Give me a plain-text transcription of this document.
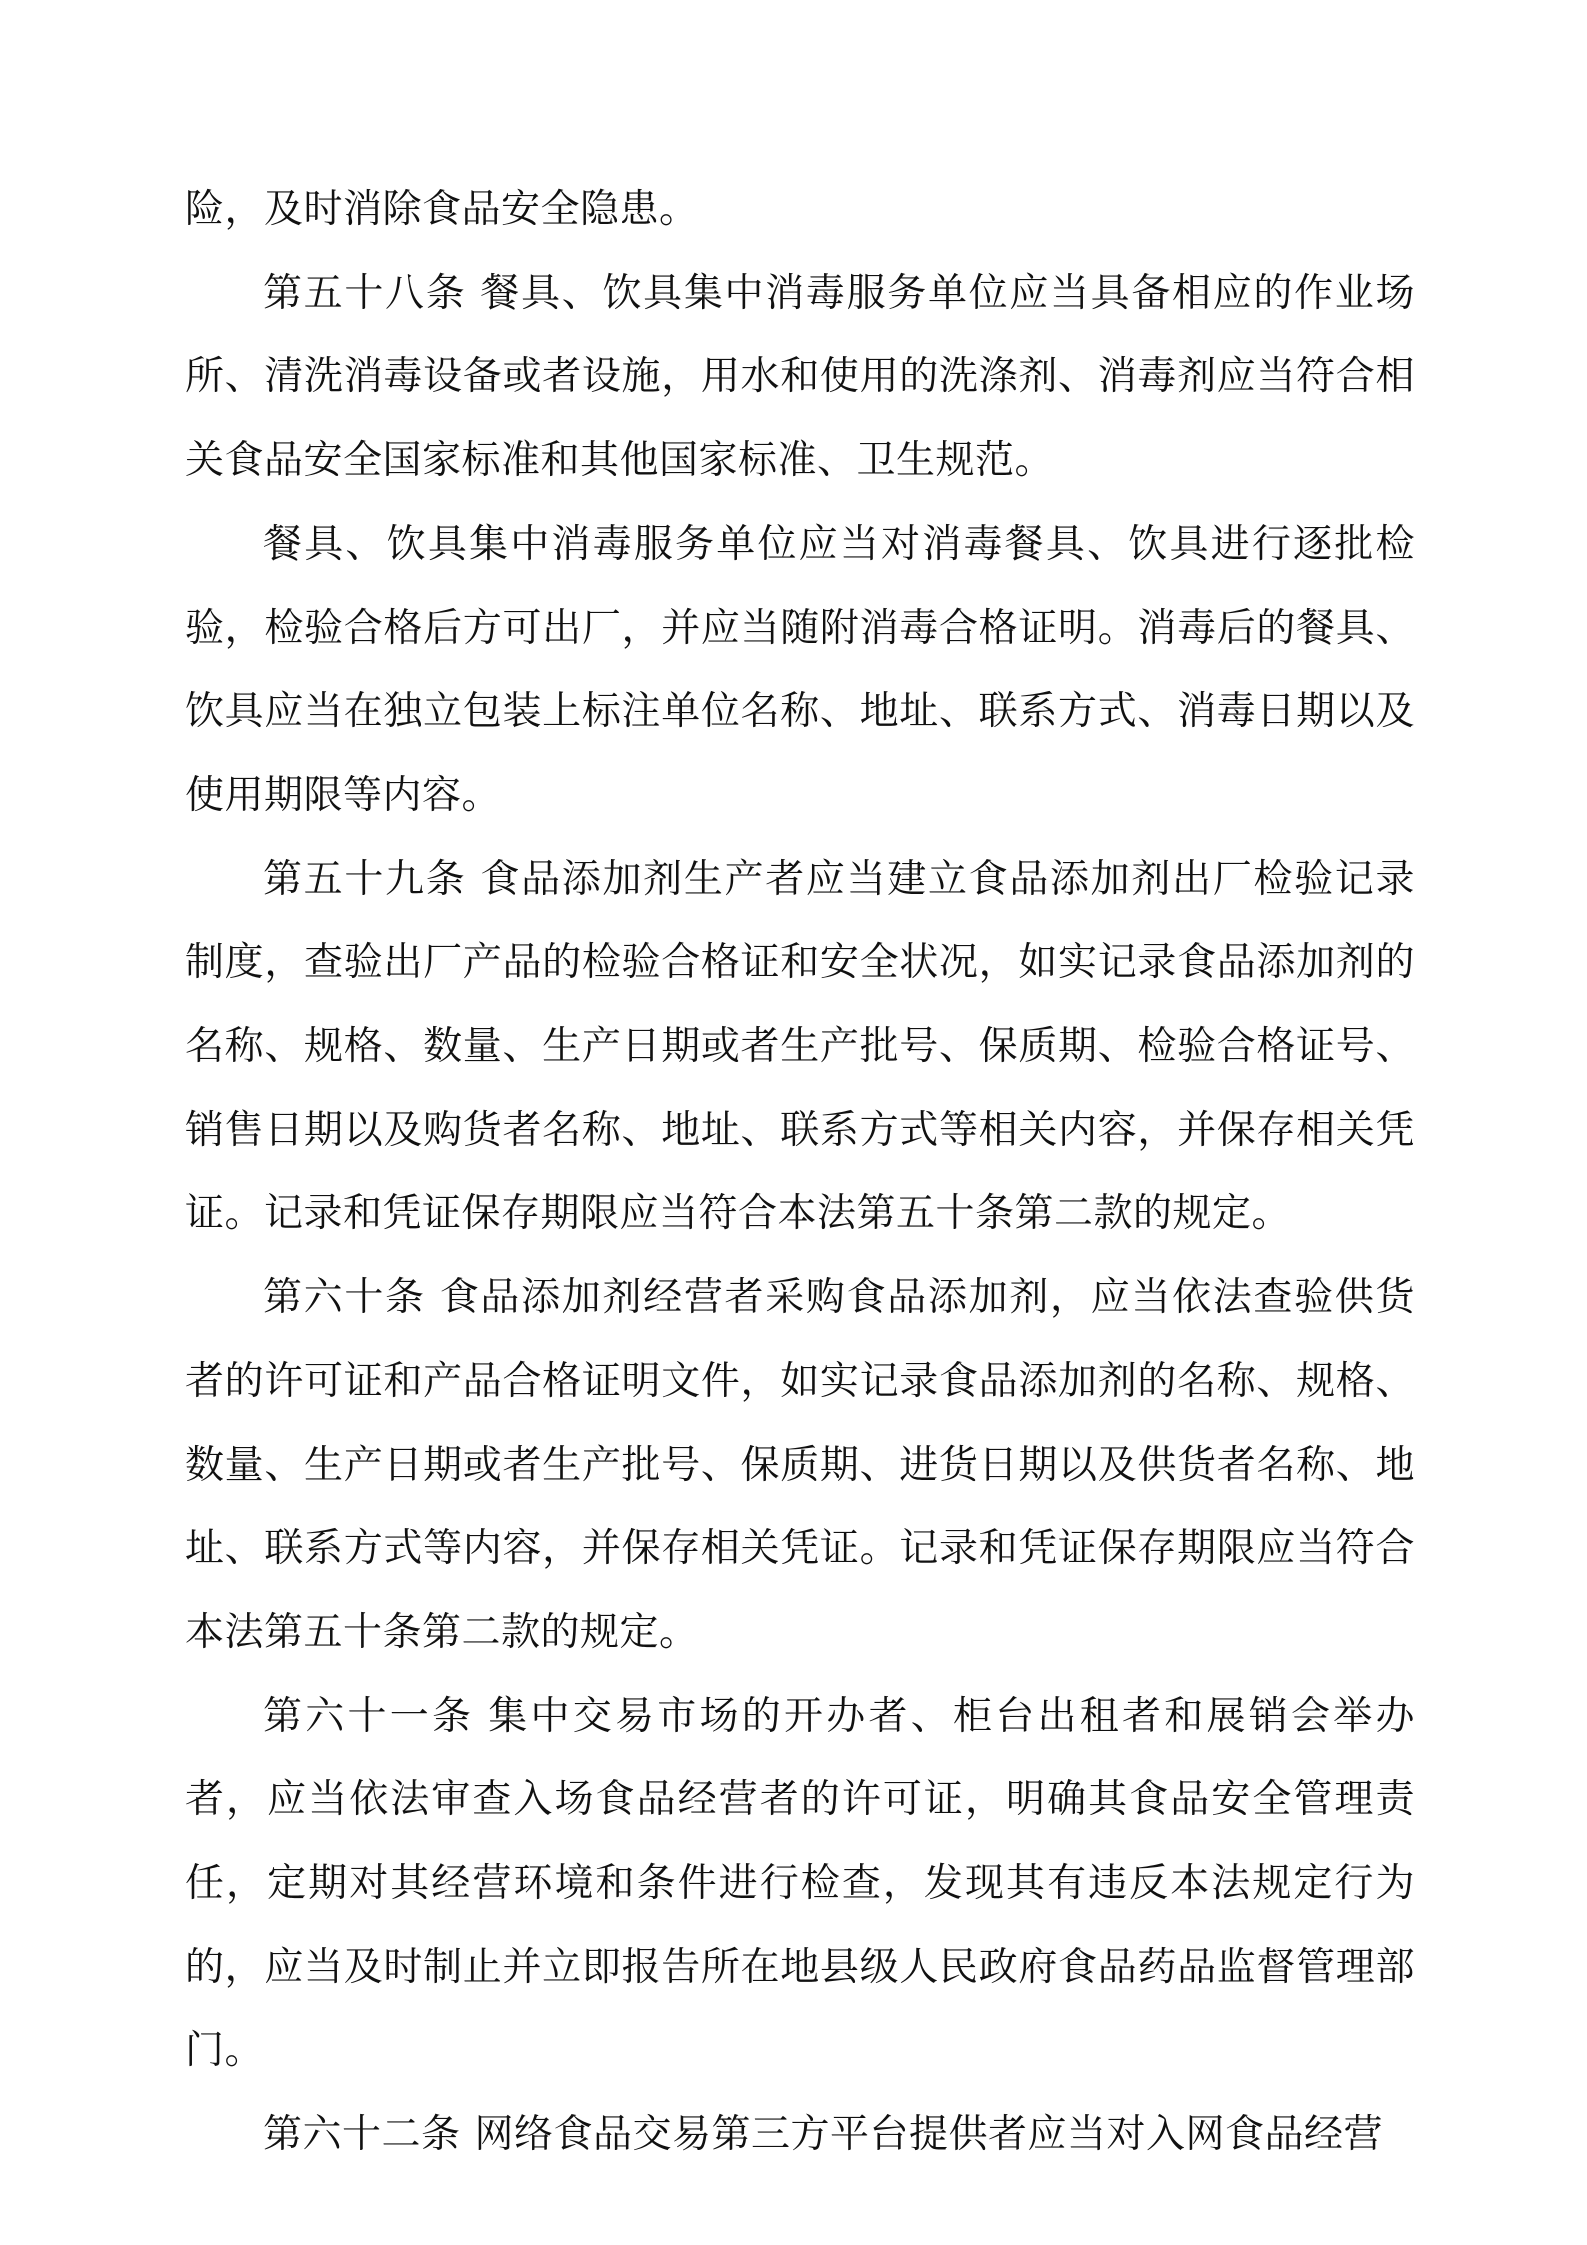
险，及时消除食品安全隐患。

第五十八条 餐具、饮具集中消毒服务单位应当具备相应的作业场所、清洗消毒设备或者设施，用水和使用的洗涤剂、消毒剂应当符合相关食品安全国家标准和其他国家标准、卫生规范。

餐具、饮具集中消毒服务单位应当对消毒餐具、饮具进行逐批检验，检验合格后方可出厂，并应当随附消毒合格证明。消毒后的餐具、饮具应当在独立包装上标注单位名称、地址、联系方式、消毒日期以及使用期限等内容。

第五十九条 食品添加剂生产者应当建立食品添加剂出厂检验记录制度，查验出厂产品的检验合格证和安全状况，如实记录食品添加剂的名称、规格、数量、生产日期或者生产批号、保质期、检验合格证号、销售日期以及购货者名称、地址、联系方式等相关内容，并保存相关凭证。记录和凭证保存期限应当符合本法第五十条第二款的规定。

第六十条 食品添加剂经营者采购食品添加剂，应当依法查验供货者的许可证和产品合格证明文件，如实记录食品添加剂的名称、规格、数量、生产日期或者生产批号、保质期、进货日期以及供货者名称、地址、联系方式等内容，并保存相关凭证。记录和凭证保存期限应当符合本法第五十条第二款的规定。

第六十一条 集中交易市场的开办者、柜台出租者和展销会举办者，应当依法审查入场食品经营者的许可证，明确其食品安全管理责任，定期对其经营环境和条件进行检查，发现其有违反本法规定行为的，应当及时制止并立即报告所在地县级人民政府食品药品监督管理部门。

第六十二条 网络食品交易第三方平台提供者应当对入网食品经营
